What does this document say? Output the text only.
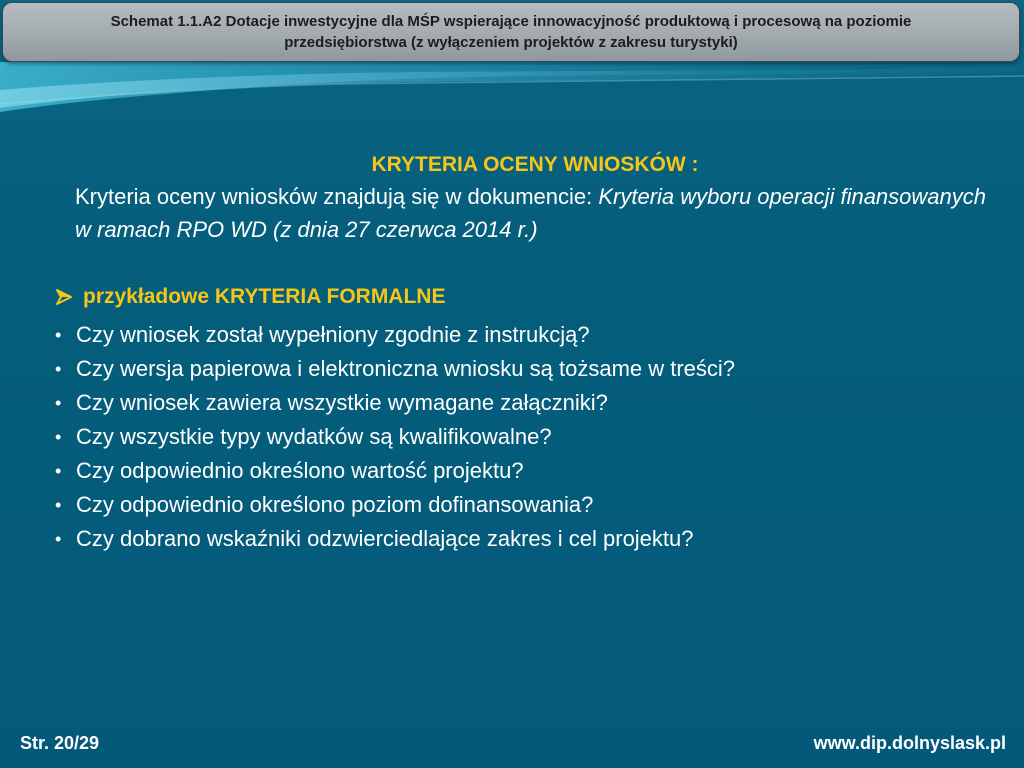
Schemat 1.1.A2 Dotacje inwestycyjne dla MŚP wspierające innowacyjność produktową i procesową na poziomie
przedsiębiorstwa (z wyłączeniem projektów z zakresu turystyki)
KRYTERIA OCENY WNIOSKÓW :
Kryteria oceny wniosków znajdują się w dokumencie: Kryteria wyboru operacji finansowanych w ramach RPO WD (z dnia 27 czerwca 2014 r.)
przykładowe KRYTERIA FORMALNE
• Czy wniosek został wypełniony zgodnie z instrukcją?
• Czy wersja papierowa i elektroniczna wniosku są tożsame w treści?
• Czy wniosek zawiera wszystkie wymagane załączniki?
• Czy wszystkie typy wydatków są kwalifikowalne?
• Czy odpowiednio określono wartość projektu?
• Czy odpowiednio określono poziom dofinansowania?
• Czy dobrano wskaźniki odzwierciedlające zakres i cel projektu?
Str. 20/29	www.dip.dolnyslask.pl
